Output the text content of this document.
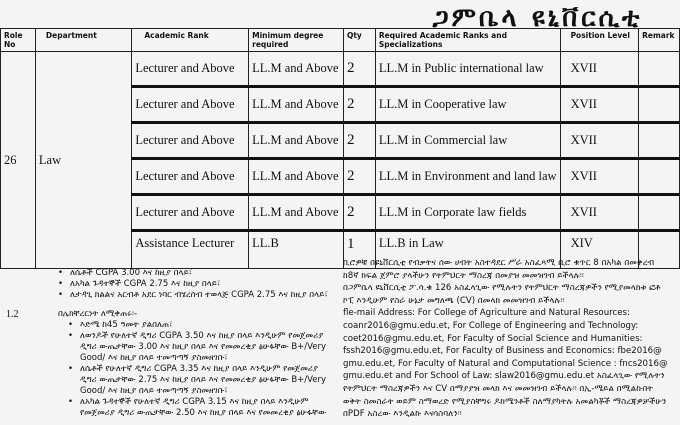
ጋምቤላ ዩኒቨርሲቲ
Role No	Department	Academic Rank	Minimum degree required	Qty	Required Academic Ranks and Specializations	Position Level	Remark
26	Law	Lecturer and Above	LL.M and Above	2	LL.M in Public international law	XVII	
		Lecturer and Above	LL.M and Above	2	LL.M in Cooperative law	XVII	
		Lecturer and Above	LL.M and Above	2	LL.M in Commercial law	XVII	
		Lecturer and Above	LL.M and Above	2	LL.M in Environment and land law	XVII	
		Lecturer and Above	LL.M and Above	2	LL.M in Corporate law fields	XVII	
		Assistance Lecturer	LL.B	1	LL.B in Law	XIV	
• ለሴቶች CGPA 3.00 እና ከዚያ በላይ፣
• ለአካል ጉዳተኞች CGPA 2.75 እና ከዚያ በላይ፣
• ለታዳጊ ክልልና አርብቶ አደር ነባር ብሄረሰብ ተወላጅ CGPA 2.75 እና ከዚያ በላይ፣
1.2	በሌክቸረርነት ለሚቀጠሩ፡-
• እድሜ ከ45 ዓመት ያልበለጠ፣
• ለወንዶች የሁለተኛ ዲግሪ CGPA 3.50 እና ከዚያ በላይ እንዲሁም የመጀመሪያ ዲግሪ ውጤታቸው 3.00 እና ከዚያ በላይ እና የመመረቂያ ፅሁፋቸው B+/Very Good/ እና ከዚያ በላይ ተመጣጣኝ ያስመዘገቡ፣
• ለሴቶች የሁለተኛ ዲግሪ CGPA 3.35 እና ከዚያ በላይ እንዲሁም የመጀመሪያ ዲግሪ ውጤታቸው 2.75 እና ከዚያ በላይ እና የመመረቂያ ፅሁፋቸው B+/Very Good/ እና ከዚያ በላይ ተመጣጣኝ ያስመዘገቡ፣
• ለአካል ጉዳተኞች የሁለተኛ ዲግሪ CGPA 3.15 እና ከዚያ በላይ እንዲሁም የመጀመሪያ ዲግሪ ውጤታቸው 2.50 እና ከዚያ በላይ እና የመመረቂያ ፅሁፋቸው

ቢሮዎቹ በዩኒቨርሲቲ የብቃትና ሰው ሀብት አስተዳደር ሥራ አስፈጻሚ ቢሮ ቁጥር 8 በአካል በመቅረብ

ከ8ኛ ክፍል ጀምሮ ያላችሁን የትምህርት ማስረጃ በመያዝ መመዝገብ ይችላሉ፡፡

በጋምቤላ ዩኒቨርሲቲ ፖ.ሳ.ቁ 126 አስፈላጊው የሚሉትን የትምህርት ማስረጃዎችን የሚያመላክቱ ፎቶ

ኮፒ እንዲሁም የስራ ሁኔታ መግለጫ (CV) በመላክ መመዝገብ ይችላሉ፡፡

fle-mail Address: For College of Agriculture and Natural Resources:

coanr2016@gmu.edu.et, For College of Engineering and Technology:

coet2016@gmu.edu.et, For Faculty of Social Science and Humanities:

fssh2016@gmu.edu.et, For Faculty of Business and Economics: fbe2016@

gmu.edu.et, For Faculty of Natural and Computational Science : fncs2016@

gmu.edu.et and For School of Law: slaw2016@gmu.edu.et አስፈላጊው የሚሉትን

የትምህርት ማስረጃዎችን እና CV በማያያዝ መላክ እና መመዝገብ ይችላሉ፡፡ በኢ-ሜይል በሚልኩበት

ወቅት ስመስራት ወይም ስማወረድ የሚያስቸግሩ ዶክሜንቶች ስለማያካትሉ አመልካቾች ማስረጃዎቻችሁን

በPDF አስረው እንዲልኩ እናሳስባለን፡፡
